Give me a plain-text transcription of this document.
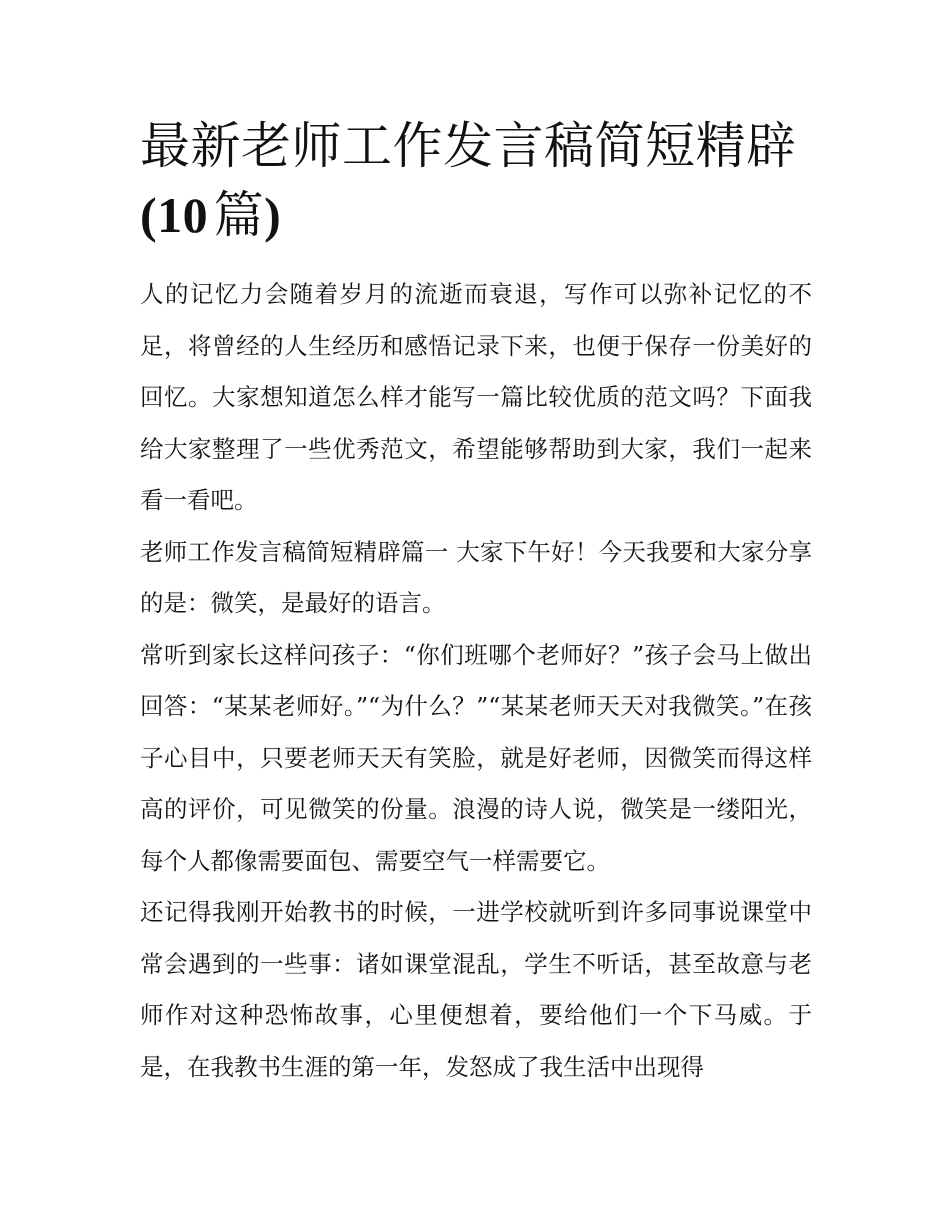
最新老师工作发言稿简短精辟
(10  篇)

人的记忆力会随着岁月的流逝而衰退，写作可以弥补记忆的不足，将曾经的人生经历和感悟记录下来，也便于保存一份美好的回忆。大家想知道怎么样才能写一篇比较优质的范文吗？下面我给大家整理了一些优秀范文，希望能够帮助到大家，我们一起来看一看吧。

老师工作发言稿简短精辟篇一 大家下午好！今天我要和大家分享的是：微笑，是最好的语言。

常听到家长这样问孩子：“你们班哪个老师好？”孩子会马上做出回答：“某某老师好。”“为什么？”“某某老师天天对我微笑。”在孩子心目中，只要老师天天有笑脸，就是好老师，因微笑而得这样高的评价，可见微笑的份量。浪漫的诗人说，微笑是一缕阳光，每个人都像需要面包、需要空气一样需要它。

还记得我刚开始教书的时候，一进学校就听到许多同事说课堂中常会遇到的一些事：诸如课堂混乱，学生不听话，甚至故意与老师作对这种恐怖故事，心里便想着，要给他们一个下马威。于是，在我教书生涯的第一年，发怒成了我生活中出现得
